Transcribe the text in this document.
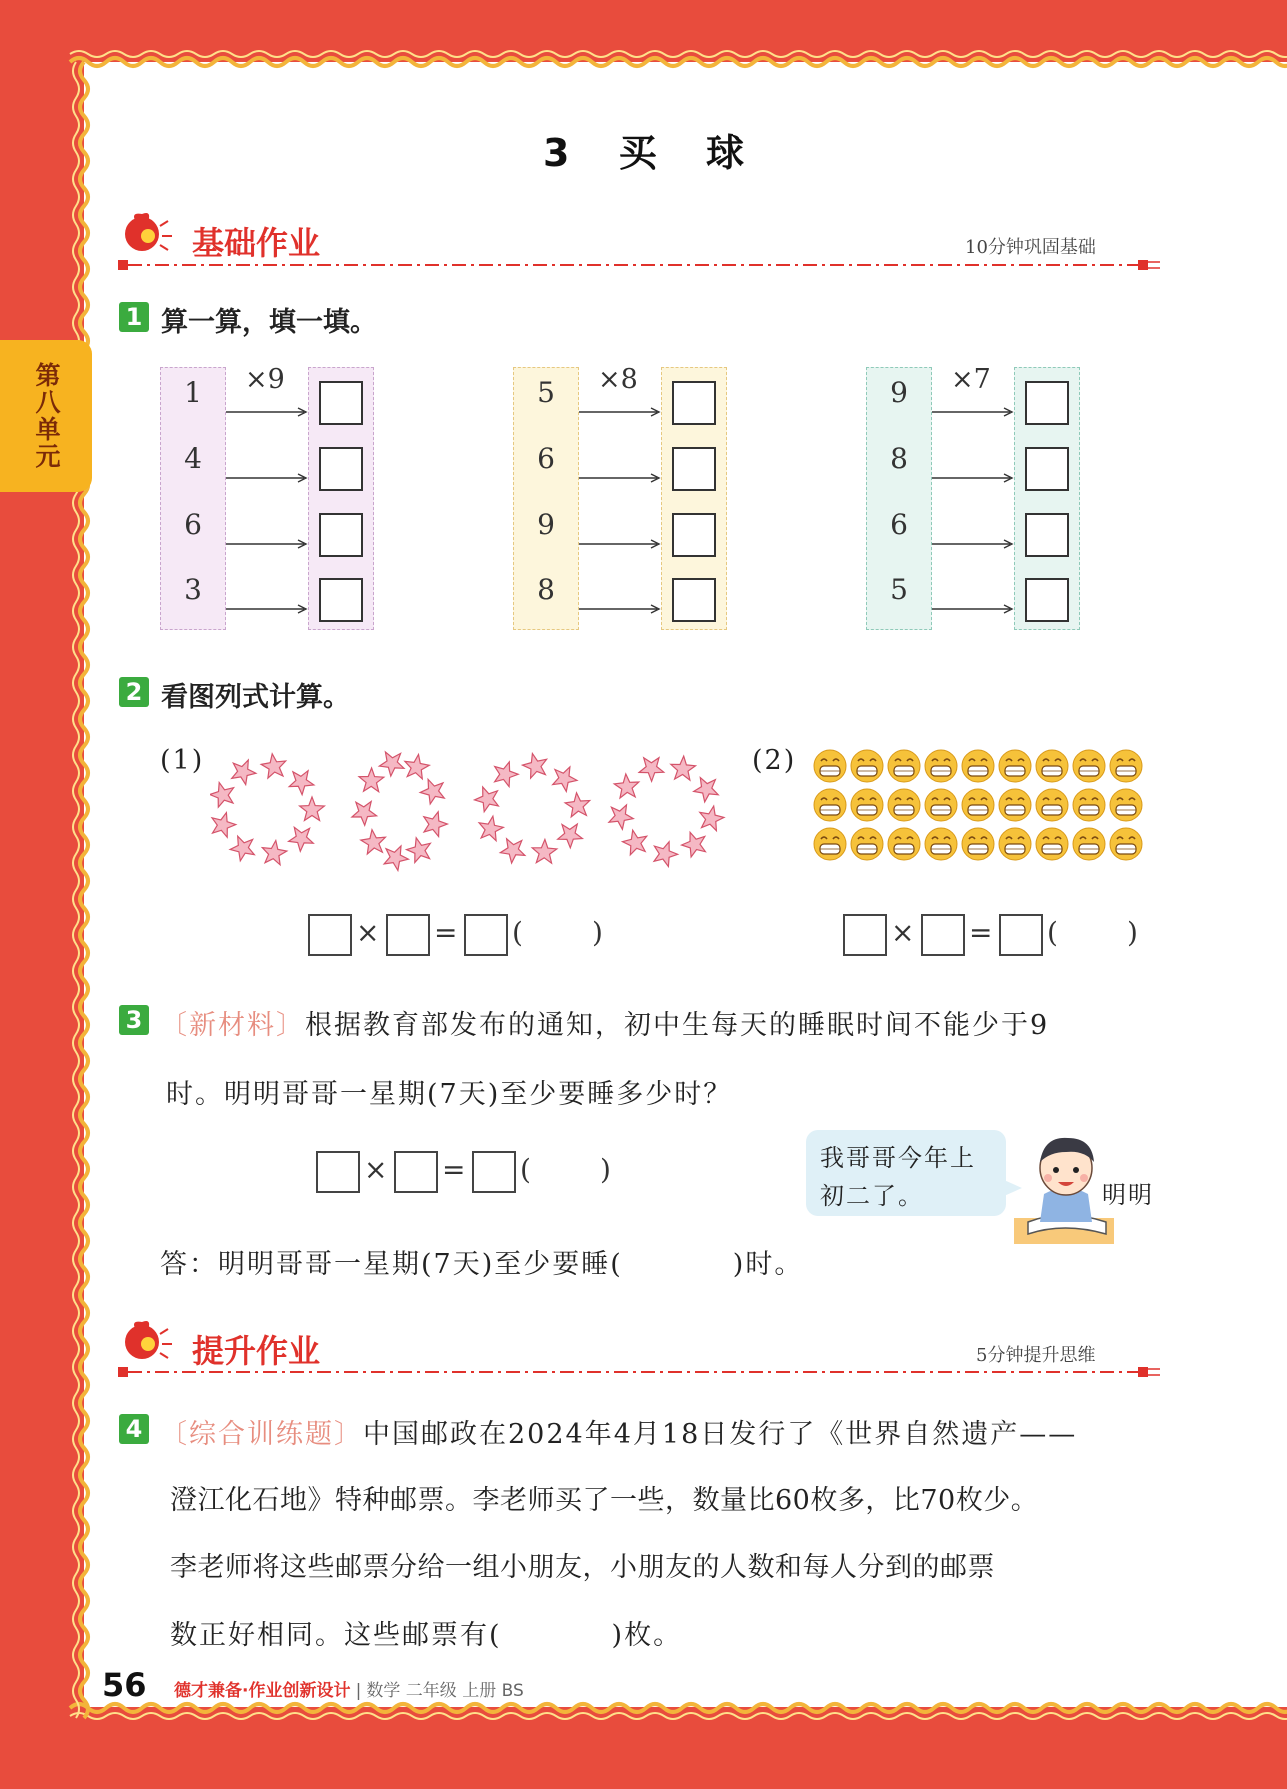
第八单元
3 买 球
基础作业	10分钟巩固基础
1 算一算，填一填。
×9
1
4
6
3
×8
5
6
9
8
×7
9
8
6
5
2 看图列式计算。
(1)	(2)
× = ( )	× = ( )
3 〔新材料〕根据教育部发布的通知，初中生每天的睡眠时间不能少于9
时。明明哥哥一星期(7天)至少要睡多少时？
× = ( )	我哥哥今年上
初二了。	明明
答：明明哥哥一星期(7天)至少要睡(	)时。
提升作业	5分钟提升思维
4 〔综合训练题〕中国邮政在2024年4月18日发行了《世界自然遗产——
澄江化石地》特种邮票。李老师买了一些，数量比60枚多，比70枚少。
李老师将这些邮票分给一组小朋友，小朋友的人数和每人分到的邮票
数正好相同。这些邮票有(	)枚。
56 德才兼备·作业创新设计 | 数学 二年级 上册 BS
